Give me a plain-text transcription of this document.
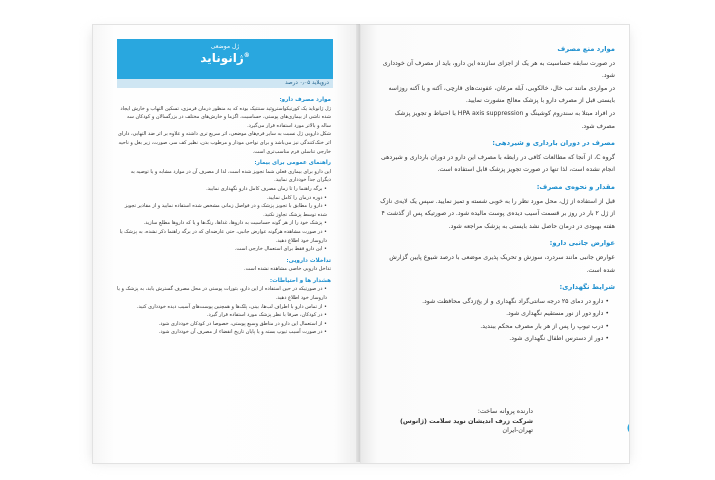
ژل موضعی
ژانوناید®
درویلاید ۰٫۰۵ درصد
موارد مصرف دارو:

ژل ژانوناید یک کورتیکواستروئید سنتتیک بوده که به منظور درمان قرمزی، تسکین التهاب و خارش ایجاد شده ناشی از بیماری‌های پوستی، حساسیت، اگزما و خارش‌های مختلف در بزرگسالان و کودکان سه ساله و بالاتر مورد استفاده قرار می‌گیرد.

شکل دارویی ژل نسبت به سایر فرم‌های موضعی، اثر سریع تری داشته و علاوه بر اثر ضد التهابی، دارای اثر خنک‌کنندگی نیز می‌باشد و برای نواحی مودار و مرطوب بدن، نظیر کف سر، صورت، زیر بغل و ناحیه خارجی تناسلی فرم مناسب‌تری است.

راهنمای عمومی برای بیمار:

این دارو برای بیماری فعلی شما تجویز شده است، لذا از مصرف آن در موارد مشابه و یا توصیه به دیگران جداً خودداری نمایید.

• برگه راهنما را تا زمان مصرف کامل دارو نگهداری نمایید.

• دوره درمان را کامل نمایید.

• دارو را مطابق با تجویز پزشک و در فواصل زمانی مشخص شده استفاده نمایید و از مقادیر تجویز شده توسط پزشک تجاوز نکنید.

• پزشک خود را از هر گونه حساسیت به داروها، غذاها، رنگ‌ها و یا که داروها مطلع سازید.

• در صورت مشاهده هرگونه عوارض جانبی، حتی عارضه‌ای که در برگه راهنما ذکر نشده، به پزشک یا داروساز خود اطلاع دهید.

• این دارو فقط برای استعمال خارجی است.

تداخلات دارویی:

تداخل دارویی خاصی مشاهده نشده است.

هشدار ها و احتیاطات:

• در صورتیکه در حین استفاده از این دارو، بثورات پوستی در محل مصرف گسترش یابد، به پزشک و یا داروساز خود اطلاع دهید.

• از تماس دارو با اطراف لب‌ها، بینی، پلک‌ها و همچنین پوست‌های آسیب دیده خودداری کنید.

• در کودکان، صرفا با نظر پزشک مورد استفاده قرار گیرد.

• از استعمال این دارو در مناطق وسیع پوستی، خصوصا در کودکان خودداری شود.

• در صورت آسیب تیوپ بسته و یا پایان تاریخ انقضاء از مصرف آن خودداری شود.

موارد منع مصرف

در صورت سابقه حساسیت به هر یک از اجزای سازنده این دارو، باید از مصرف آن خودداری شود.

در مواردی مانند تب خال، خالکوبی، آبله مرغان، عفونت‌های قارچی، آکنه و یا آکنه روزاسه بایستی قبل از مصرف دارو با پزشک معالج مشورت نمایید.

در افراد مبتلا به سندروم کوشینگ و HPA axis suppression با احتیاط و تجویز پزشک مصرف شود.

مصرف در دوران بارداری و شیردهی:

گروه C، از آنجا که مطالعات کافی در رابطه با مصرف این دارو در دوران بارداری و شیردهی انجام نشده است، لذا تنها در صورت تجویز پزشک قابل استفاده است.

مقدار و نحوه‌ی مصرف:

قبل از استفاده از ژل، محل مورد نظر را به خوبی شسته و تمیز نمایید. سپس یک لایه‌ی نازک از ژل ۲ بار در روز بر قسمت آسیب دیده‌ی پوست مالیده شود. در صورتیکه پس از گذشت ۴ هفته بهبودی در درمان حاصل نشد بایستی به پزشک مراجعه شود.

عوارض جانبی دارو:

عوارض جانبی مانند سردرد، سوزش و تحریک پذیری موضعی با درصد شیوع پایین گزارش شده است.

شرایط نگهداری:

• دارو در دمای ۲۵ درجه سانتی‌گراد نگهداری و از یخ‌زدگی محافظت شود.

• دارو دور از نور مستقیم نگهداری شود.

• درب تیوپ را پس از هر بار مصرف محکم ببندید.

• دور از دسترس اطفال نگهداری شود.

دارنده پروانه ساخت:
شرکت زرف اندیشان نوید سلامت (ژانوس)
تهران-ایران
